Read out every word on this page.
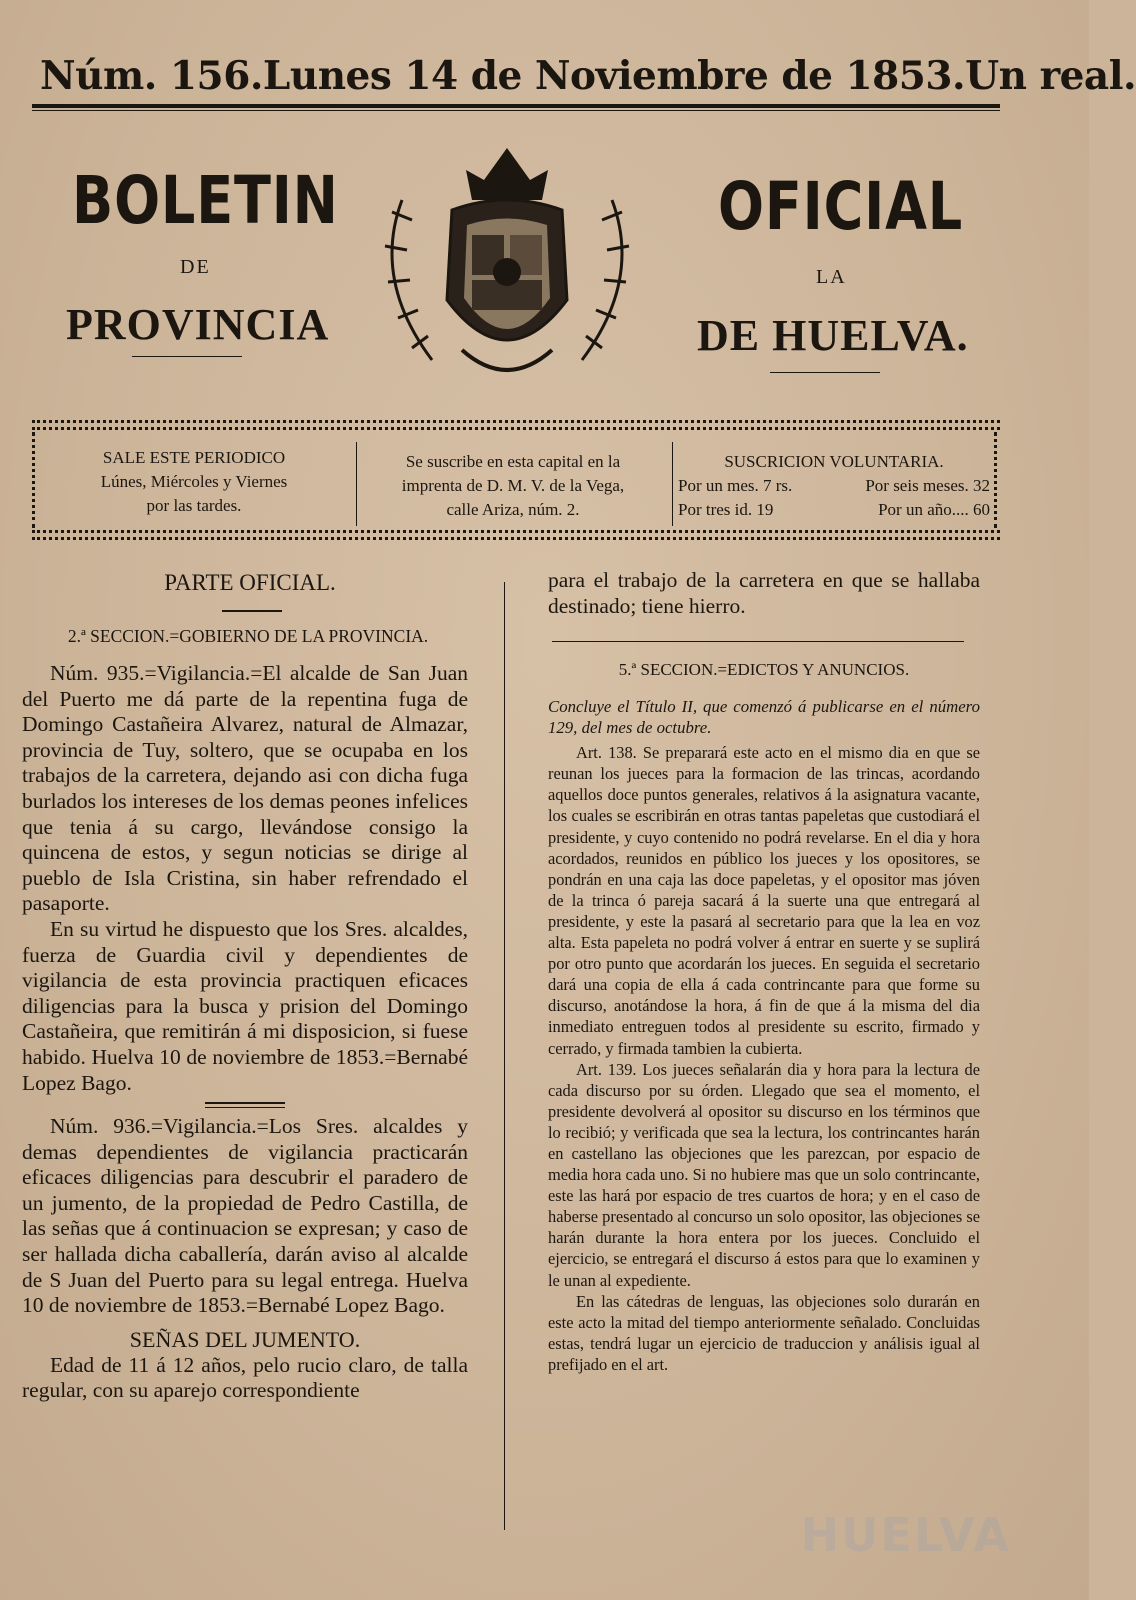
Núm. 156. Lunes 14 de Noviembre de 1853. Un real.
BOLETIN
DE
PROVINCIA
OFICIAL
LA
DE HUELVA.
SALE ESTE PERIODICO
Lúnes, Miércoles y Viernes
por las tardes.
Se suscribe en esta capital en la
imprenta de D. M. V. de la Vega,
calle Ariza, núm. 2.
SUSCRICION VOLUNTARIA.
Por un mes. 7 rs.	Por seis meses. 32
Por tres id. 19	Por un año.... 60
PARTE OFICIAL.
2.ª SECCION.=GOBIERNO DE LA PROVINCIA.

Núm. 935.=Vigilancia.=El alcalde de San Juan del Puerto me dá parte de la repentina fuga de Domingo Castañeira Alvarez, natural de Almazar, provincia de Tuy, soltero, que se ocupaba en los trabajos de la carretera, dejando asi con dicha fuga burlados los intereses de los demas peones infelices que tenia á su cargo, llevándose consigo la quincena de estos, y segun noticias se dirige al pueblo de Isla Cristina, sin haber refrendado el pasaporte.

En su virtud he dispuesto que los Sres. alcaldes, fuerza de Guardia civil y dependientes de vigilancia de esta provincia practiquen eficaces diligencias para la busca y prision del Domingo Castañeira, que remitirán á mi disposicion, si fuese habido. Huelva 10 de noviembre de 1853.=Bernabé Lopez Bago.

Núm. 936.=Vigilancia.=Los Sres. alcaldes y demas dependientes de vigilancia practicarán eficaces diligencias para descubrir el paradero de un jumento, de la propiedad de Pedro Castilla, de las señas que á continuacion se expresan; y caso de ser hallada dicha caballería, darán aviso al alcalde de S Juan del Puerto para su legal entrega. Huelva 10 de noviembre de 1853.=Bernabé Lopez Bago.

SEÑAS DEL JUMENTO.

Edad de 11 á 12 años, pelo rucio claro, de talla regular, con su aparejo correspondiente

para el trabajo de la carretera en que se hallaba destinado; tiene hierro.

5.ª SECCION.=EDICTOS Y ANUNCIOS.

Concluye el Título II, que comenzó á publicarse en el número 129, del mes de octubre.

Art. 138. Se preparará este acto en el mismo dia en que se reunan los jueces para la formacion de las trincas, acordando aquellos doce puntos generales, relativos á la asignatura vacante, los cuales se escribirán en otras tantas papeletas que custodiará el presidente, y cuyo contenido no podrá revelarse. En el dia y hora acordados, reunidos en público los jueces y los opositores, se pondrán en una caja las doce papeletas, y el opositor mas jóven de la trinca ó pareja sacará á la suerte una que entregará al presidente, y este la pasará al secretario para que la lea en voz alta. Esta papeleta no podrá volver á entrar en suerte y se suplirá por otro punto que acordarán los jueces. En seguida el secretario dará una copia de ella á cada contrincante para que forme su discurso, anotándose la hora, á fin de que á la misma del dia inmediato entreguen todos al presidente su escrito, firmado y cerrado, y firmada tambien la cubierta.

Art. 139. Los jueces señalarán dia y hora para la lectura de cada discurso por su órden. Llegado que sea el momento, el presidente devolverá al opositor su discurso en los términos que lo recibió; y verificada que sea la lectura, los contrincantes harán en castellano las objeciones que les parezcan, por espacio de media hora cada uno. Si no hubiere mas que un solo contrincante, este las hará por espacio de tres cuartos de hora; y en el caso de haberse presentado al concurso un solo opositor, las objeciones se harán durante la hora entera por los jueces. Concluido el ejercicio, se entregará el discurso á estos para que lo examinen y le unan al expediente.

En las cátedras de lenguas, las objeciones solo durarán en este acto la mitad del tiempo anteriormente señalado. Concluidas estas, tendrá lugar un ejercicio de traduccion y análisis igual al prefijado en el art.

HUELVA
